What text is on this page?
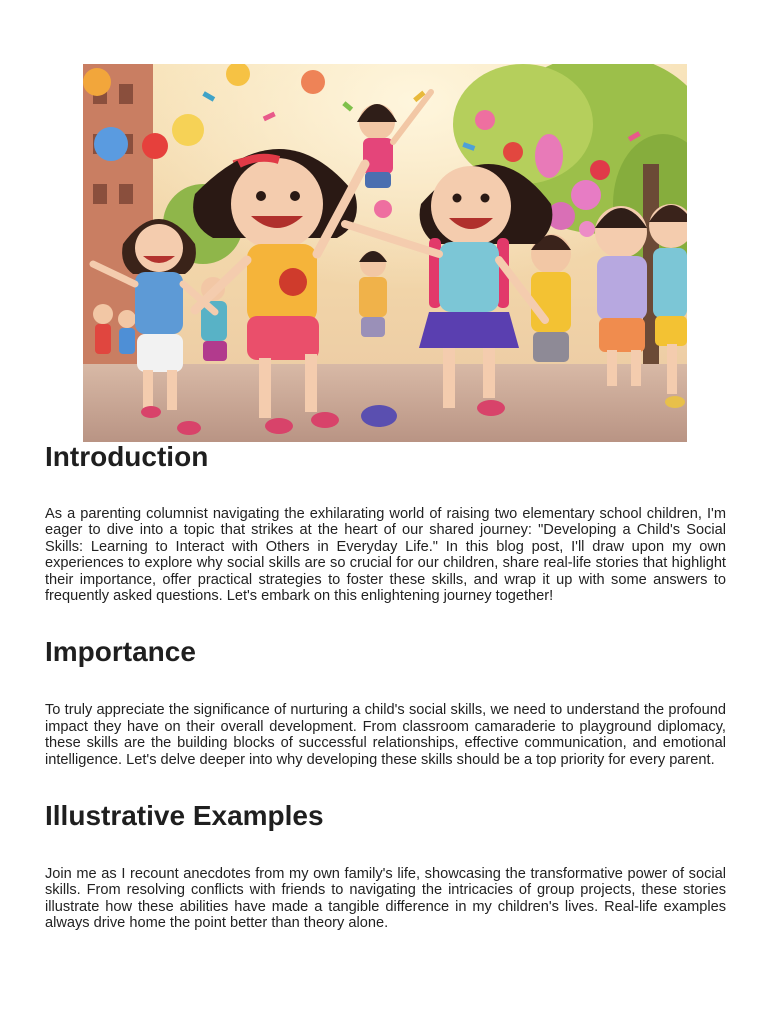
Introduction

As a parenting columnist navigating the exhilarating world of raising two elementary school children, I'm eager to dive into a topic that strikes at the heart of our shared journey: "Developing a Child's Social Skills: Learning to Interact with Others in Everyday Life." In this blog post, I'll draw upon my own experiences to explore why social skills are so crucial for our children, share real-life stories that highlight their importance, offer practical strategies to foster these skills, and wrap it up with some answers to frequently asked questions. Let's embark on this enlightening journey together!

Importance

To truly appreciate the significance of nurturing a child's social skills, we need to understand the profound impact they have on their overall development. From classroom camaraderie to playground diplomacy, these skills are the building blocks of successful relationships, effective communication, and emotional intelligence. Let's delve deeper into why developing these skills should be a top priority for every parent.

Illustrative Examples

Join me as I recount anecdotes from my own family's life, showcasing the transformative power of social skills. From resolving conflicts with friends to navigating the intricacies of group projects, these stories illustrate how these abilities have made a tangible difference in my children's lives. Real-life examples always drive home the point better than theory alone.
